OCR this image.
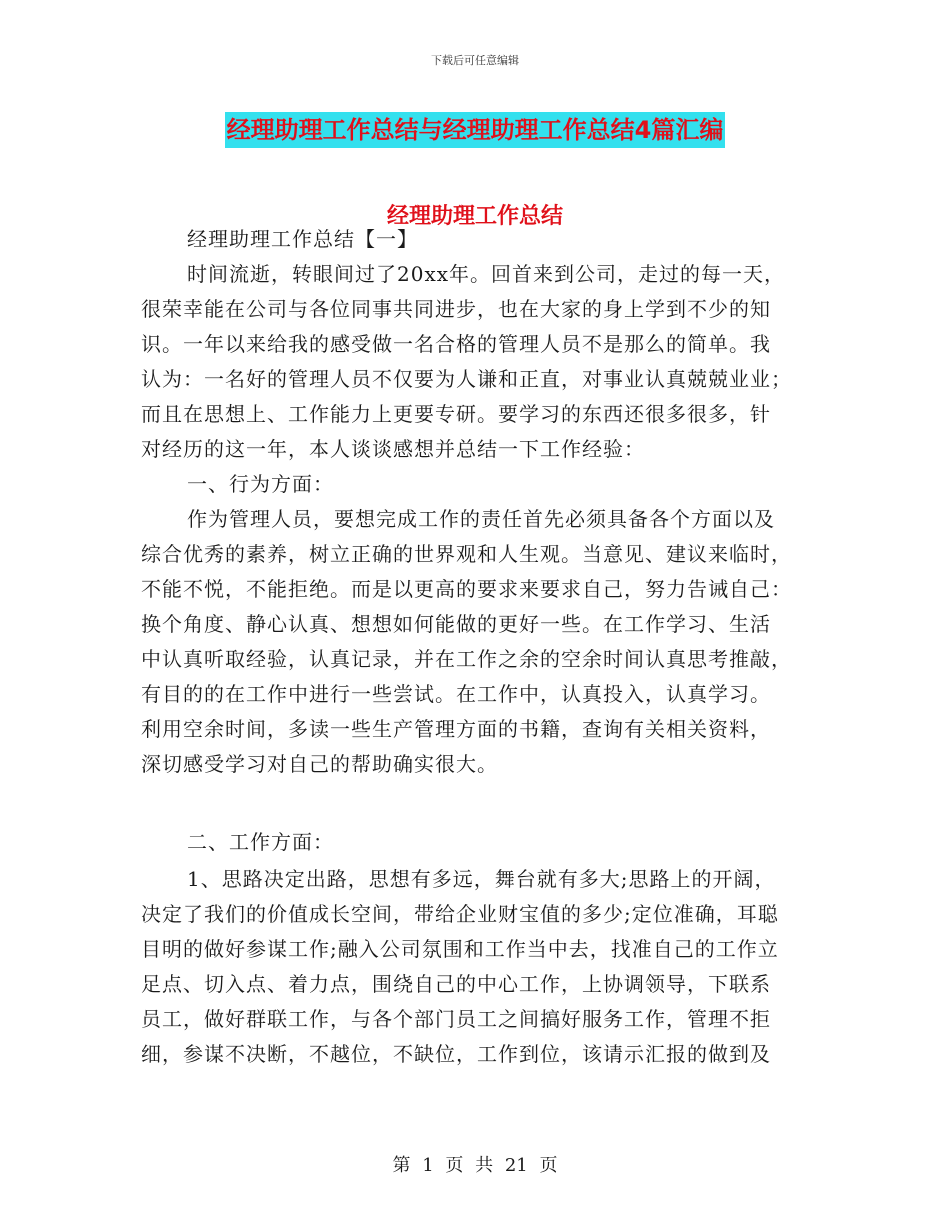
下载后可任意编辑
经理助理工作总结与经理助理工作总结4篇汇编
经理助理工作总结
经理助理工作总结【一】
时间流逝，转眼间过了20xx年。回首来到公司，走过的每一天，
很荣幸能在公司与各位同事共同进步，也在大家的身上学到不少的知
识。一年以来给我的感受做一名合格的管理人员不是那么的简单。我
认为：一名好的管理人员不仅要为人谦和正直，对事业认真兢兢业业；
而且在思想上、工作能力上更要专研。要学习的东西还很多很多，针
对经历的这一年，本人谈谈感想并总结一下工作经验：
一、行为方面：
作为管理人员，要想完成工作的责任首先必须具备各个方面以及
综合优秀的素养，树立正确的世界观和人生观。当意见、建议来临时，
不能不悦，不能拒绝。而是以更高的要求来要求自己，努力告诫自己：
换个角度、静心认真、想想如何能做的更好一些。在工作学习、生活
中认真听取经验，认真记录，并在工作之余的空余时间认真思考推敲，
有目的的在工作中进行一些尝试。在工作中，认真投入，认真学习。
利用空余时间，多读一些生产管理方面的书籍，查询有关相关资料，
深切感受学习对自己的帮助确实很大。
二、工作方面：
1、思路决定出路，思想有多远，舞台就有多大;思路上的开阔，
决定了我们的价值成长空间，带给企业财宝值的多少;定位准确，耳聪
目明的做好参谋工作;融入公司氛围和工作当中去，找准自己的工作立
足点、切入点、着力点，围绕自己的中心工作，上协调领导，下联系
员工，做好群联工作，与各个部门员工之间搞好服务工作，管理不拒
细，参谋不决断，不越位，不缺位，工作到位，该请示汇报的做到及
第 1 页 共 21 页
